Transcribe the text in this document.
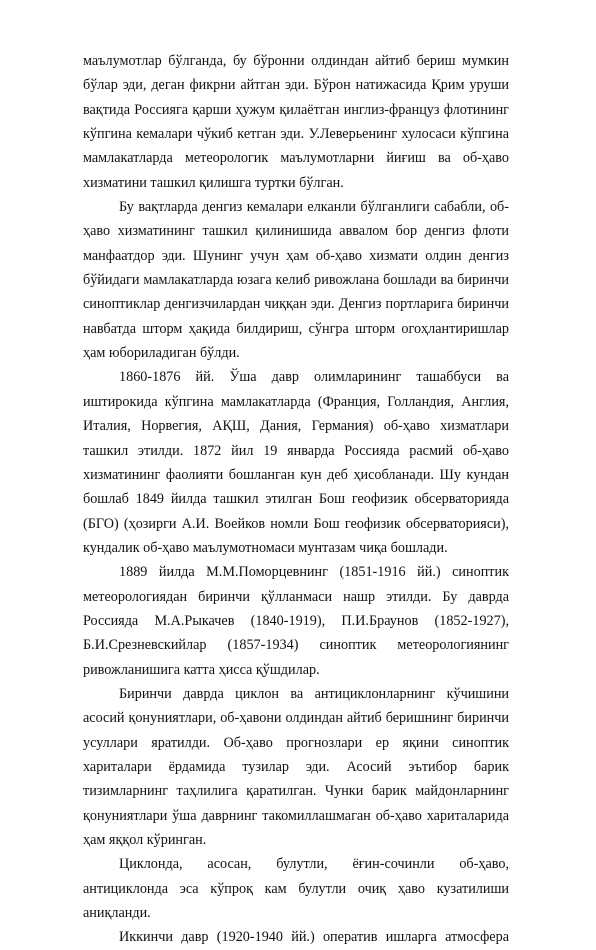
маълумотлар бўлганда, бу бўронни олдиндан айтиб бериш мумкин бўлар эди, деган фикрни айтган эди. Бўрон натижасида Қрим уруши вақтида Россияга қарши ҳужум қилаётган инглиз-француз флотининг кўпгина кемалари чўкиб кетган эди. У.Леверьенинг хулосаси кўпгина мамлакатларда метеорологик маълумотларни йиғиш ва об-ҳаво хизматини ташкил қилишга туртки бўлган.

Бу вақтларда денгиз кемалари елканли бўлганлиги сабабли, об-ҳаво хизматининг ташкил қилинишида аввалом бор денгиз флоти манфаатдор эди. Шунинг учун ҳам об-ҳаво хизмати олдин денгиз бўйидаги мамлакатларда юзага келиб ривожлана бошлади ва биринчи синоптиклар денгизчилардан чиққан эди. Денгиз портларига биринчи навбатда шторм ҳақида билдириш, сўнгра шторм огоҳлантиришлар ҳам юбориладиган бўлди.

1860-1876 йй. Ўша давр олимларининг ташаббуси ва иштирокида кўпгина мамлакатларда (Франция, Голландия, Англия, Италия, Норвегия, АҚШ, Дания, Германия) об-ҳаво хизматлари ташкил этилди. 1872 йил 19 январда Россияда расмий об-ҳаво хизматининг фаолияти бошланган кун деб ҳисобланади. Шу кундан бошлаб 1849 йилда ташкил этилган Бош геофизик обсерваторияда (БГО) (ҳозирги А.И. Воейков номли Бош геофизик обсерваторияси), кундалик об-ҳаво маълумотномаси мунтазам чиқа бошлади.

1889 йилда М.М.Поморцевнинг (1851-1916 йй.) синоптик метеорологиядан биринчи қўлланмаси нашр этилди. Бу даврда Россияда М.А.Рыкачев (1840-1919), П.И.Браунов (1852-1927), Б.И.Срезневскийлар (1857-1934) синоптик метеорологиянинг ривожланишига катта ҳисса қўшдилар.

Биринчи даврда циклон ва антициклонларнинг кўчишини асосий қонуниятлари, об-ҳавони олдиндан айтиб беришнинг биринчи усуллари яратилди. Об-ҳаво прогнозлари ер яқини синоптик хариталари ёрдамида тузилар эди. Асосий эътибор барик тизимларнинг таҳлилига қаратилган. Чунки барик майдонларнинг қонуниятлари ўша даврнинг такомиллашмаган об-ҳаво хариталарида ҳам яққол кўринган.

Циклонда, асосан, булутли, ёғин-сочинли об-ҳаво, антициклонда эса кўпроқ кам булутли очиқ ҳаво кузатилиши аниқланди.

Иккинчи давр (1920-1940 йй.) оператив ишларга атмосфера
